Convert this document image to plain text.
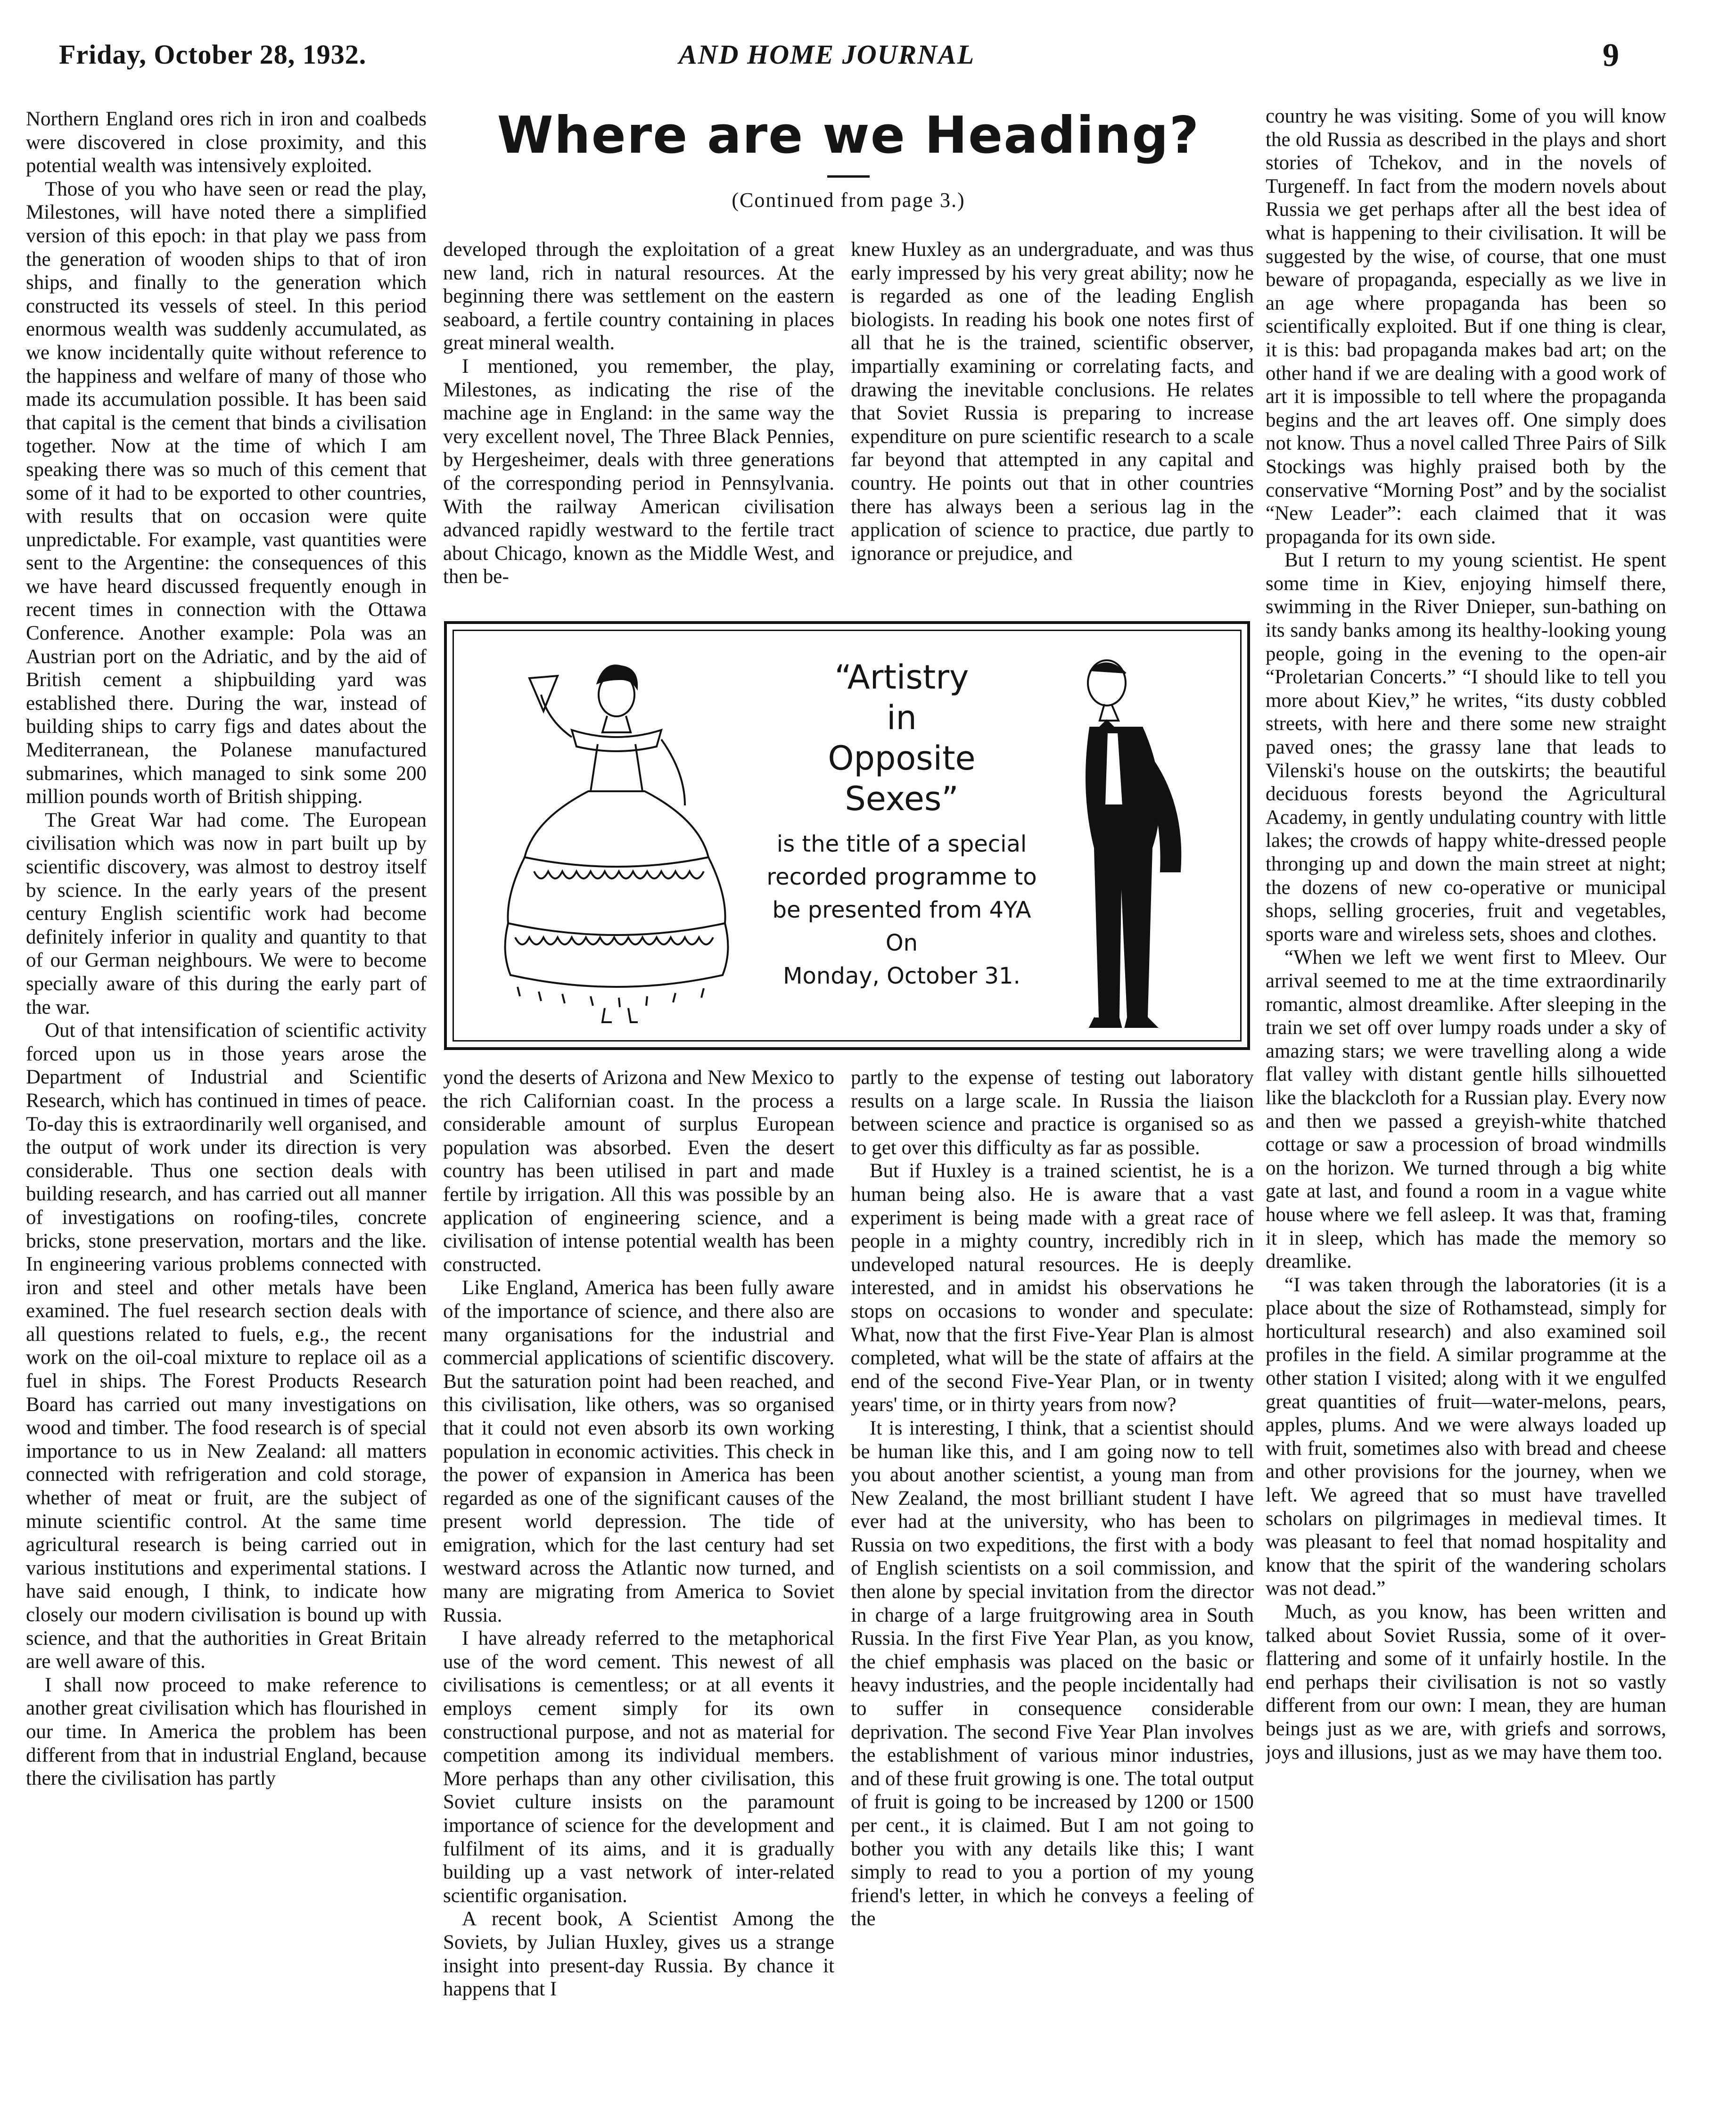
Friday, October 28, 1932.	AND HOME JOURNAL	9

Northern England ores rich in iron and coalbeds were discovered in close proximity, and this potential wealth was intensively exploited.

Those of you who have seen or read the play, Milestones, will have noted there a simplified version of this epoch: in that play we pass from the generation of wooden ships to that of iron ships, and finally to the generation which constructed its vessels of steel. In this period enormous wealth was suddenly accumulated, as we know incidentally quite without reference to the happiness and welfare of many of those who made its accumulation possible. It has been said that capital is the cement that binds a civilisation together. Now at the time of which I am speaking there was so much of this cement that some of it had to be exported to other countries, with results that on occasion were quite unpredictable. For example, vast quantities were sent to the Argentine: the consequences of this we have heard discussed frequently enough in recent times in connection with the Ottawa Conference. Another example: Pola was an Austrian port on the Adriatic, and by the aid of British cement a shipbuilding yard was established there. During the war, instead of building ships to carry figs and dates about the Mediterranean, the Polanese manufactured submarines, which managed to sink some 200 million pounds worth of British shipping.

The Great War had come. The European civilisation which was now in part built up by scientific discovery, was almost to destroy itself by science. In the early years of the present century English scientific work had become definitely inferior in quality and quantity to that of our German neighbours. We were to become specially aware of this during the early part of the war.

Out of that intensification of scientific activity forced upon us in those years arose the Department of Industrial and Scientific Research, which has continued in times of peace. To-day this is extraordinarily well organised, and the output of work under its direction is very considerable. Thus one section deals with building research, and has carried out all manner of investigations on roofing-tiles, concrete bricks, stone preservation, mortars and the like. In engineering various problems connected with iron and steel and other metals have been examined. The fuel research section deals with all questions related to fuels, e.g., the recent work on the oil-coal mixture to replace oil as a fuel in ships. The Forest Products Research Board has carried out many investigations on wood and timber. The food research is of special importance to us in New Zealand: all matters connected with refrigeration and cold storage, whether of meat or fruit, are the subject of minute scientific control. At the same time agricultural research is being carried out in various institutions and experimental stations. I have said enough, I think, to indicate how closely our modern civilisation is bound up with science, and that the authorities in Great Britain are well aware of this.

I shall now proceed to make reference to another great civilisation which has flourished in our time. In America the problem has been different from that in industrial England, because there the civilisation has partly

Where are we Heading?
(Continued from page 3.)

developed through the exploitation of a great new land, rich in natural resources. At the beginning there was settlement on the eastern seaboard, a fertile country containing in places great mineral wealth.

I mentioned, you remember, the play, Milestones, as indicating the rise of the machine age in England: in the same way the very excellent novel, The Three Black Pennies, by Hergesheimer, deals with three generations of the corresponding period in Pennsylvania. With the railway American civilisation advanced rapidly westward to the fertile tract about Chicago, known as the Middle West, and then be-

knew Huxley as an undergraduate, and was thus early impressed by his very great ability; now he is regarded as one of the leading English biologists. In reading his book one notes first of all that he is the trained, scientific observer, impartially examining or correlating facts, and drawing the inevitable conclusions. He relates that Soviet Russia is preparing to increase expenditure on pure scientific research to a scale far beyond that attempted in any capital and country. He points out that in other countries there has always been a serious lag in the application of science to practice, due partly to ignorance or prejudice, and

“Artistry
in
Opposite
Sexes”
is the title of a special recorded programme to be presented from 4YA
On
Monday, October 31.

yond the deserts of Arizona and New Mexico to the rich Californian coast. In the process a considerable amount of surplus European population was absorbed. Even the desert country has been utilised in part and made fertile by irrigation. All this was possible by an application of engineering science, and a civilisation of intense potential wealth has been constructed.

Like England, America has been fully aware of the importance of science, and there also are many organisations for the industrial and commercial applications of scientific discovery. But the saturation point had been reached, and this civilisation, like others, was so organised that it could not even absorb its own working population in economic activities. This check in the power of expansion in America has been regarded as one of the significant causes of the present world depression. The tide of emigration, which for the last century had set westward across the Atlantic now turned, and many are migrating from America to Soviet Russia.

I have already referred to the metaphorical use of the word cement. This newest of all civilisations is cementless; or at all events it employs cement simply for its own constructional purpose, and not as material for competition among its individual members. More perhaps than any other civilisation, this Soviet culture insists on the paramount importance of science for the development and fulfilment of its aims, and it is gradually building up a vast network of inter-related scientific organisation.

A recent book, A Scientist Among the Soviets, by Julian Huxley, gives us a strange insight into present-day Russia. By chance it happens that I

partly to the expense of testing out laboratory results on a large scale. In Russia the liaison between science and practice is organised so as to get over this difficulty as far as possible.

But if Huxley is a trained scientist, he is a human being also. He is aware that a vast experiment is being made with a great race of people in a mighty country, incredibly rich in undeveloped natural resources. He is deeply interested, and in amidst his observations he stops on occasions to wonder and speculate: What, now that the first Five-Year Plan is almost completed, what will be the state of affairs at the end of the second Five-Year Plan, or in twenty years' time, or in thirty years from now?

It is interesting, I think, that a scientist should be human like this, and I am going now to tell you about another scientist, a young man from New Zealand, the most brilliant student I have ever had at the university, who has been to Russia on two expeditions, the first with a body of English scientists on a soil commission, and then alone by special invitation from the director in charge of a large fruitgrowing area in South Russia. In the first Five Year Plan, as you know, the chief emphasis was placed on the basic or heavy industries, and the people incidentally had to suffer in consequence considerable deprivation. The second Five Year Plan involves the establishment of various minor industries, and of these fruit growing is one. The total output of fruit is going to be increased by 1200 or 1500 per cent., it is claimed. But I am not going to bother you with any details like this; I want simply to read to you a portion of my young friend's letter, in which he conveys a feeling of the

country he was visiting. Some of you will know the old Russia as described in the plays and short stories of Tchekov, and in the novels of Turgeneff. In fact from the modern novels about Russia we get perhaps after all the best idea of what is happening to their civilisation. It will be suggested by the wise, of course, that one must beware of propaganda, especially as we live in an age where propaganda has been so scientifically exploited. But if one thing is clear, it is this: bad propaganda makes bad art; on the other hand if we are dealing with a good work of art it is impossible to tell where the propaganda begins and the art leaves off. One simply does not know. Thus a novel called Three Pairs of Silk Stockings was highly praised both by the conservative “Morning Post” and by the socialist “New Leader”: each claimed that it was propaganda for its own side.

But I return to my young scientist. He spent some time in Kiev, enjoying himself there, swimming in the River Dnieper, sun-bathing on its sandy banks among its healthy-looking young people, going in the evening to the open-air “Proletarian Concerts.” “I should like to tell you more about Kiev,” he writes, “its dusty cobbled streets, with here and there some new straight paved ones; the grassy lane that leads to Vilenski's house on the outskirts; the beautiful deciduous forests beyond the Agricultural Academy, in gently undulating country with little lakes; the crowds of happy white-dressed people thronging up and down the main street at night; the dozens of new co-operative or municipal shops, selling groceries, fruit and vegetables, sports ware and wireless sets, shoes and clothes.

“When we left we went first to Mleev. Our arrival seemed to me at the time extraordinarily romantic, almost dreamlike. After sleeping in the train we set off over lumpy roads under a sky of amazing stars; we were travelling along a wide flat valley with distant gentle hills silhouetted like the blackcloth for a Russian play. Every now and then we passed a greyish-white thatched cottage or saw a procession of broad windmills on the horizon. We turned through a big white gate at last, and found a room in a vague white house where we fell asleep. It was that, framing it in sleep, which has made the memory so dreamlike.

“I was taken through the laboratories (it is a place about the size of Rothamstead, simply for horticultural research) and also examined soil profiles in the field. A similar programme at the other station I visited; along with it we engulfed great quantities of fruit—water-melons, pears, apples, plums. And we were always loaded up with fruit, sometimes also with bread and cheese and other provisions for the journey, when we left. We agreed that so must have travelled scholars on pilgrimages in medieval times. It was pleasant to feel that nomad hospitality and know that the spirit of the wandering scholars was not dead.”

Much, as you know, has been written and talked about Soviet Russia, some of it over-flattering and some of it unfairly hostile. In the end perhaps their civilisation is not so vastly different from our own: I mean, they are human beings just as we are, with griefs and sorrows, joys and illusions, just as we may have them too.
